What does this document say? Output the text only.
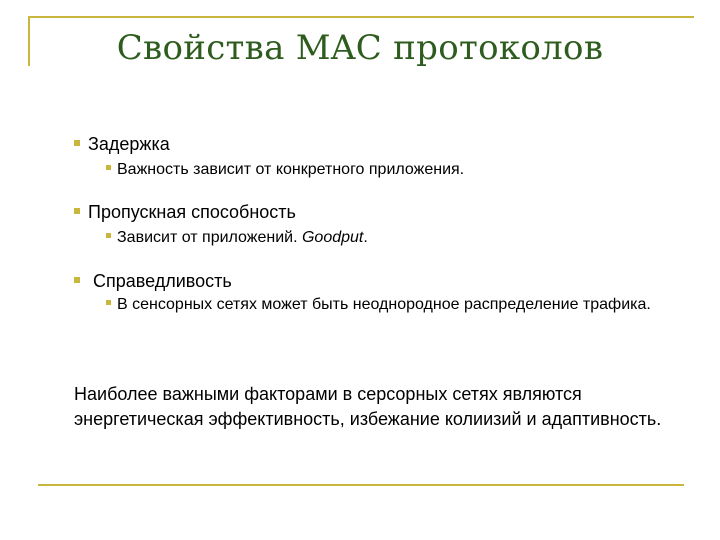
Свойства MAC протоколов
Задержка
Важность зависит от конкретного приложения.
Пропускная способность
Зависит от приложений. Goodput.
Справедливость
В сенсорных сетях может быть неоднородное распределение трафика.
Наиболее важными факторами в серсорных сетях являются энергетическая эффективность, избежание колиизий и адаптивность.
